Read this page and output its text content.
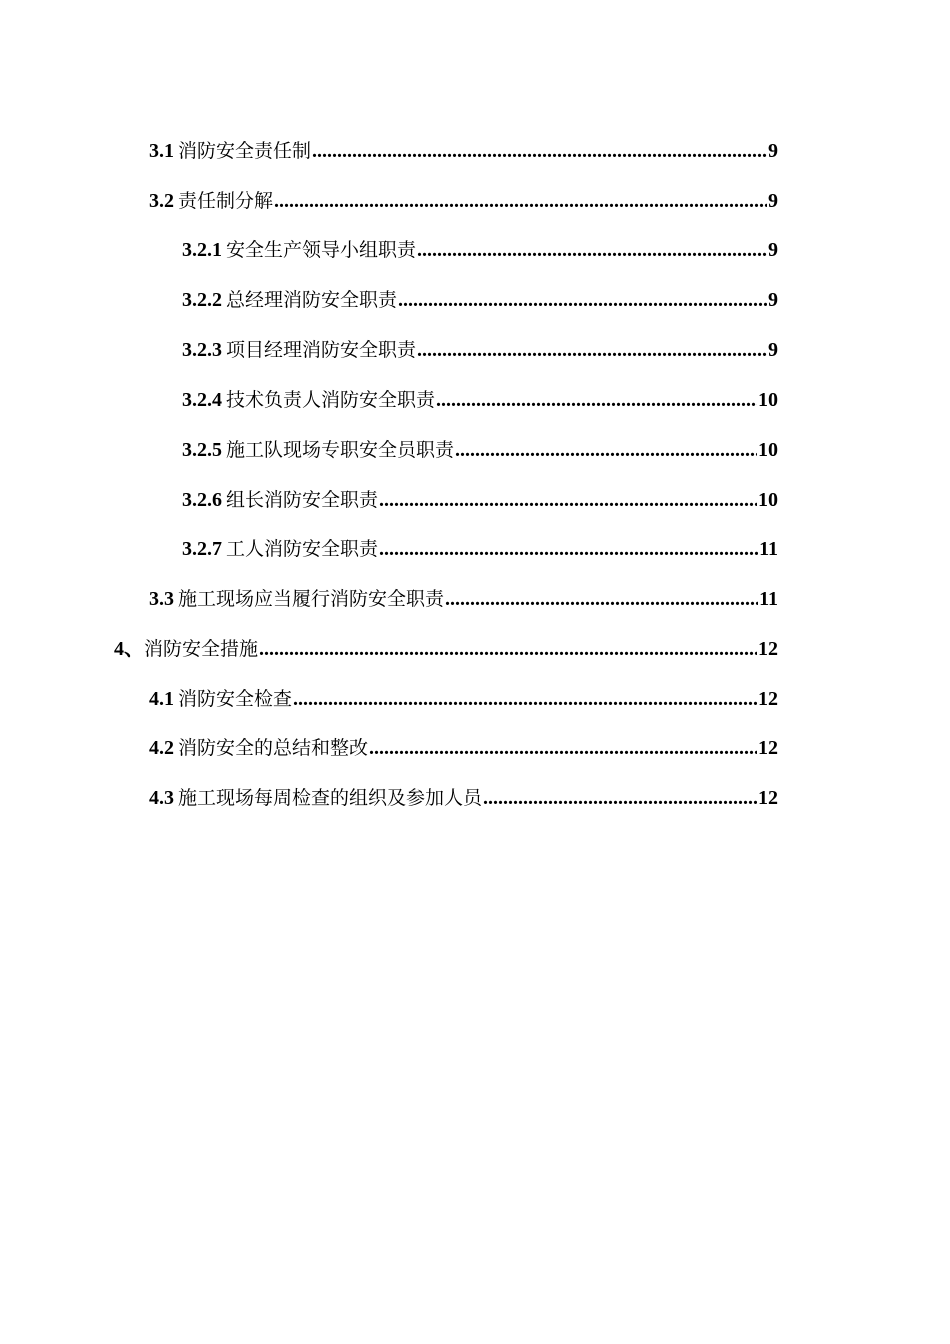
3.1 消防安全责任制 .....	9
3.2 责任制分解 .....	9
3.2.1 安全生产领导小组职责 .....	9
3.2.2 总经理消防安全职责 .....	9
3.2.3 项目经理消防安全职责 .....	9
3.2.4 技术负责人消防安全职责 .....	10
3.2.5 施工队现场专职安全员职责 .....	10
3.2.6 组长消防安全职责 .....	10
3.2.7 工人消防安全职责 .....	11
3.3 施工现场应当履行消防安全职责 .....	11
4、 消防安全措施 .....	12
4.1 消防安全检查 .....	12
4.2 消防安全的总结和整改 .....	12
4.3 施工现场每周检查的组织及参加人员 .....	12
